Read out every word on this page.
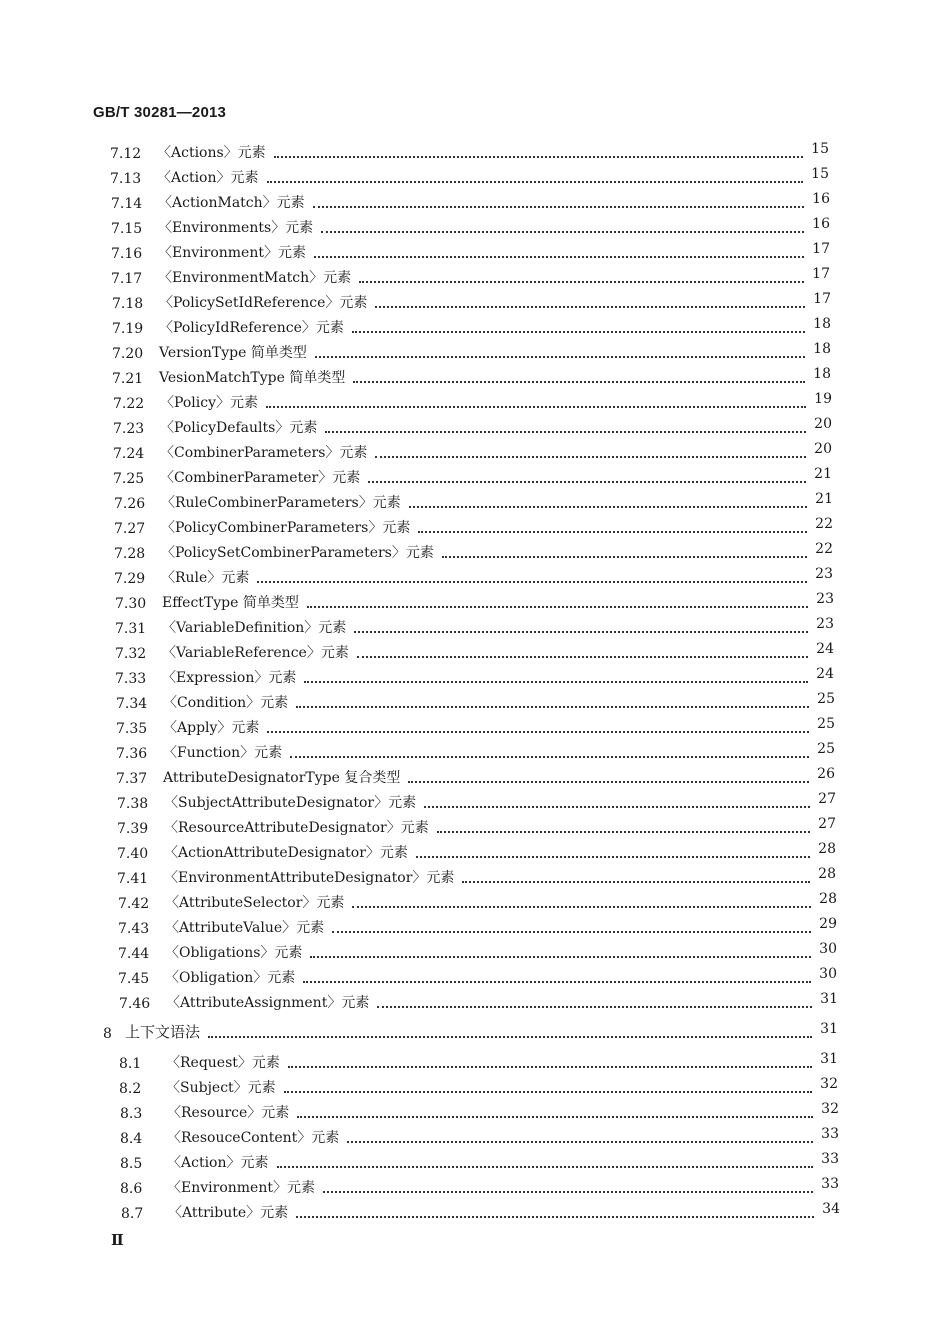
GB/T 30281—2013
7.12 〈Actions〉元素	15
7.13 〈Action〉元素	15
7.14 〈ActionMatch〉元素	16
7.15 〈Environments〉元素	16
7.16 〈Environment〉元素	17
7.17 〈EnvironmentMatch〉元素	17
7.18 〈PolicySetIdReference〉元素	17
7.19 〈PolicyIdReference〉元素	18
7.20 VersionType 简单类型	18
7.21 VesionMatchType 简单类型	18
7.22 〈Policy〉元素	19
7.23 〈PolicyDefaults〉元素	20
7.24 〈CombinerParameters〉元素	20
7.25 〈CombinerParameter〉元素	21
7.26 〈RuleCombinerParameters〉元素	21
7.27 〈PolicyCombinerParameters〉元素	22
7.28 〈PolicySetCombinerParameters〉元素	22
7.29 〈Rule〉元素	23
7.30 EffectType 简单类型	23
7.31 〈VariableDefinition〉元素	23
7.32 〈VariableReference〉元素	24
7.33 〈Expression〉元素	24
7.34 〈Condition〉元素	25
7.35 〈Apply〉元素	25
7.36 〈Function〉元素	25
7.37 AttributeDesignatorType 复合类型	26
7.38 〈SubjectAttributeDesignator〉元素	27
7.39 〈ResourceAttributeDesignator〉元素	27
7.40 〈ActionAttributeDesignator〉元素	28
7.41 〈EnvironmentAttributeDesignator〉元素	28
7.42 〈AttributeSelector〉元素	28
7.43 〈AttributeValue〉元素	29
7.44 〈Obligations〉元素	30
7.45 〈Obligation〉元素	30
7.46 〈AttributeAssignment〉元素	31
8 上下文语法	31
8.1 〈Request〉元素	31
8.2 〈Subject〉元素	32
8.3 〈Resource〉元素	32
8.4 〈ResouceContent〉元素	33
8.5 〈Action〉元素	33
8.6 〈Environment〉元素	33
8.7 〈Attribute〉元素	34
Ⅱ
